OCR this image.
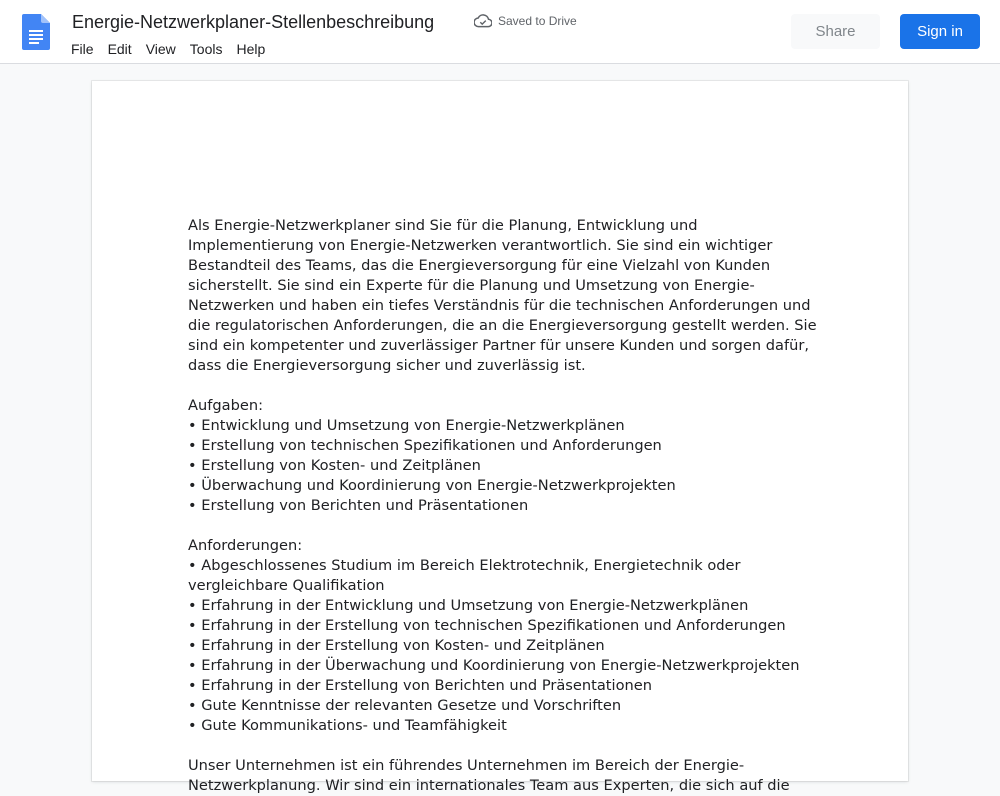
Energie-Netzwerkplaner-Stellenbeschreibung	Saved to Drive
File	Edit	View	Tools	Help
Share	Sign in

Als Energie-Netzwerkplaner sind Sie für die Planung, Entwicklung und Implementierung von Energie-Netzwerken verantwortlich. Sie sind ein wichtiger Bestandteil des Teams, das die Energieversorgung für eine Vielzahl von Kunden sicherstellt. Sie sind ein Experte für die Planung und Umsetzung von Energie-Netzwerken und haben ein tiefes Verständnis für die technischen Anforderungen und die regulatorischen Anforderungen, die an die Energieversorgung gestellt werden. Sie sind ein kompetenter und zuverlässiger Partner für unsere Kunden und sorgen dafür, dass die Energieversorgung sicher und zuverlässig ist.

Aufgaben:

• Entwicklung und Umsetzung von Energie-Netzwerkplänen
• Erstellung von technischen Spezifikationen und Anforderungen
• Erstellung von Kosten- und Zeitplänen
• Überwachung und Koordinierung von Energie-Netzwerkprojekten
• Erstellung von Berichten und Präsentationen

Anforderungen:

• Abgeschlossenes Studium im Bereich Elektrotechnik, Energietechnik oder vergleichbare Qualifikation
• Erfahrung in der Entwicklung und Umsetzung von Energie-Netzwerkplänen
• Erfahrung in der Erstellung von technischen Spezifikationen und Anforderungen
• Erfahrung in der Erstellung von Kosten- und Zeitplänen
• Erfahrung in der Überwachung und Koordinierung von Energie-Netzwerkprojekten
• Erfahrung in der Erstellung von Berichten und Präsentationen
• Gute Kenntnisse der relevanten Gesetze und Vorschriften
• Gute Kommunikations- und Teamfähigkeit

Unser Unternehmen ist ein führendes Unternehmen im Bereich der Energie-Netzwerkplanung. Wir sind ein internationales Team aus Experten, die sich auf die
